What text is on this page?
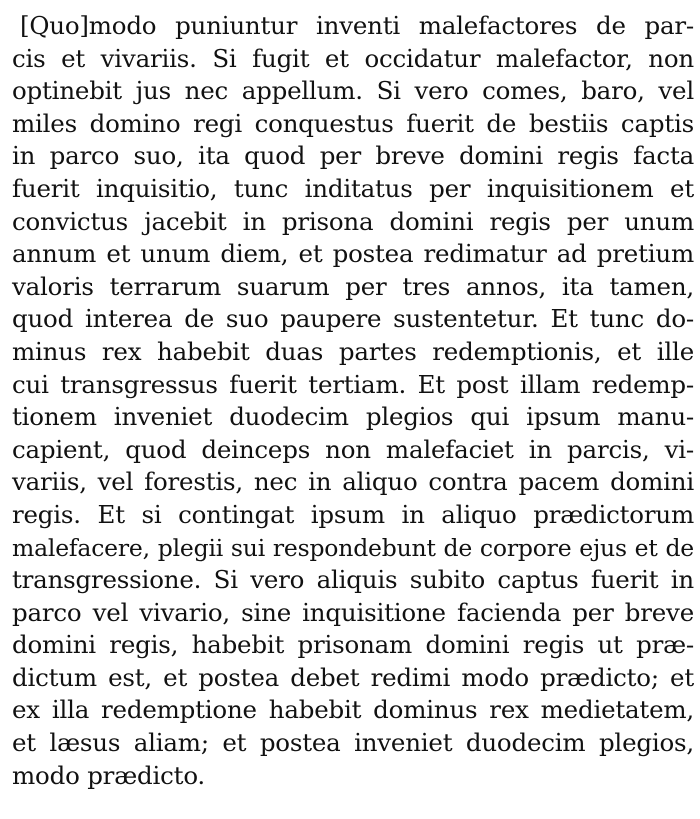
[Quo]modo puniuntur inventi malefactores de par-
cis et vivariis. Si fugit et occidatur malefactor, non
optinebit jus nec appellum. Si vero comes, baro, vel
miles domino regi conquestus fuerit de bestiis captis
in parco suo, ita quod per breve domini regis facta
fuerit inquisitio, tunc inditatus per inquisitionem et
convictus jacebit in prisona domini regis per unum
annum et unum diem, et postea redimatur ad pretium
valoris terrarum suarum per tres annos, ita tamen,
quod interea de suo paupere sustentetur. Et tunc do-
minus rex habebit duas partes redemptionis, et ille
cui transgressus fuerit tertiam. Et post illam redemp-
tionem inveniet duodecim plegios qui ipsum manu-
capient, quod deinceps non malefaciet in parcis, vi-
variis, vel forestis, nec in aliquo contra pacem domini
regis. Et si contingat ipsum in aliquo prædictorum
malefacere, plegii sui respondebunt de corpore ejus et de
transgressione. Si vero aliquis subito captus fuerit in
parco vel vivario, sine inquisitione facienda per breve
domini regis, habebit prisonam domini regis ut præ-
dictum est, et postea debet redimi modo prædicto; et
ex illa redemptione habebit dominus rex medietatem,
et læsus aliam; et postea inveniet duodecim plegios,
modo prædicto.
